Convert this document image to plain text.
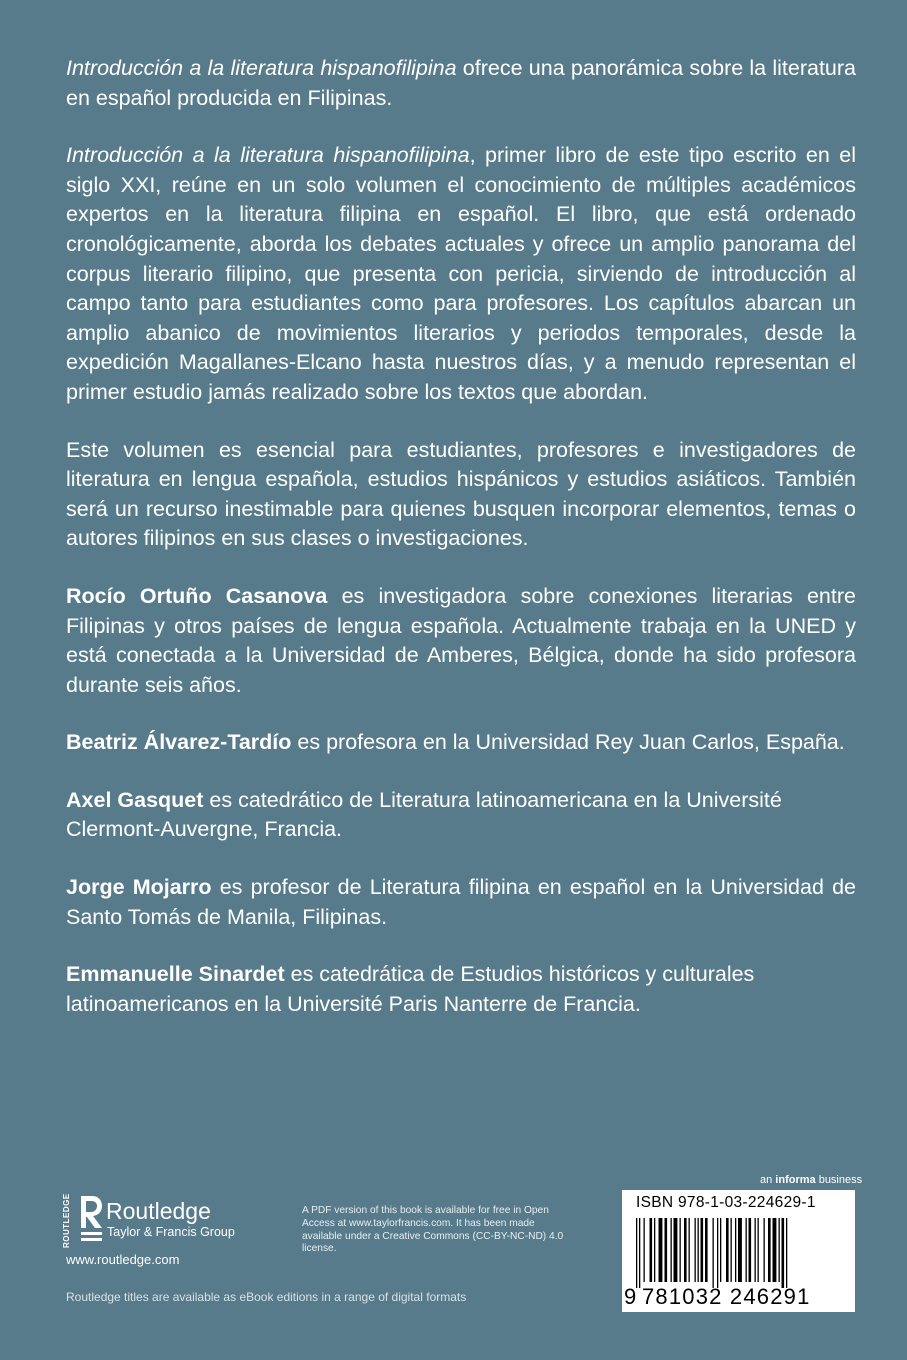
Introducción a la literatura hispanofilipina ofrece una panorámica sobre la literatura en español producida en Filipinas.

Introducción a la literatura hispanofilipina, primer libro de este tipo escrito en el siglo XXI, reúne en un solo volumen el conocimiento de múltiples académicos expertos en la literatura filipina en español. El libro, que está ordenado cronológicamente, aborda los debates actuales y ofrece un amplio panorama del corpus literario filipino, que presenta con pericia, sirviendo de introducción al campo tanto para estudiantes como para profesores. Los capítulos abarcan un amplio abanico de movimientos literarios y periodos temporales, desde la expedición Magallanes-Elcano hasta nuestros días, y a menudo representan el primer estudio jamás realizado sobre los textos que abordan.

Este volumen es esencial para estudiantes, profesores e investigadores de literatura en lengua española, estudios hispánicos y estudios asiáticos. También será un recurso inestimable para quienes busquen incorporar elementos, temas o autores filipinos en sus clases o investigaciones.

Rocío Ortuño Casanova es investigadora sobre conexiones literarias entre Filipinas y otros países de lengua española. Actualmente trabaja en la UNED y está conectada a la Universidad de Amberes, Bélgica, donde ha sido profesora durante seis años.

Beatriz Álvarez-Tardío es profesora en la Universidad Rey Juan Carlos, España.

Axel Gasquet es catedrático de Literatura latinoamericana en la Université Clermont-Auvergne, Francia.

Jorge Mojarro es profesor de Literatura filipina en español en la Universidad de Santo Tomás de Manila, Filipinas.

Emmanuelle Sinardet es catedrática de Estudios históricos y culturales latinoamericanos en la Université Paris Nanterre de Francia.

ROUTLEDGE Routledge
Taylor & Francis Group
www.routledge.com
Routledge titles are available as eBook editions in a range of digital formats
A PDF version of this book is available for free in Open Access at www.taylorfrancis.com. It has been made available under a Creative Commons (CC-BY-NC-ND) 4.0 license.
an informa business
ISBN 978-1-03-224629-1
9 781032 246291
